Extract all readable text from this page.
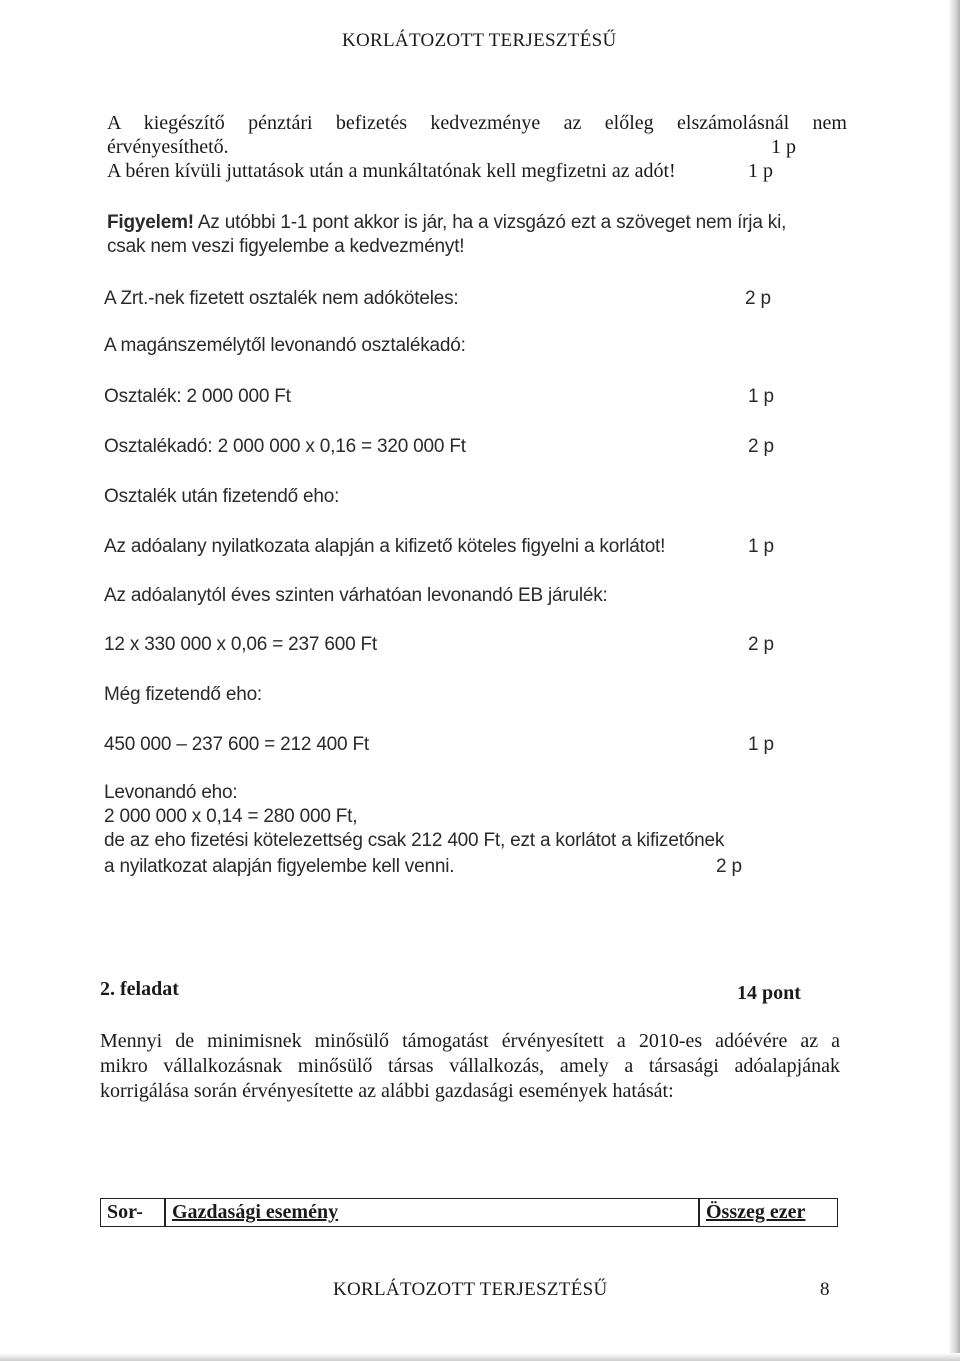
KORLÁTOZOTT TERJESZTÉSŰ
A kiegészítő pénztári befizetés kedvezménye az előleg elszámolásnál nem
érvényesíthető.	1 p
A béren kívüli juttatások után a munkáltatónak kell megfizetni az adót!	1 p
Figyelem! Az utóbbi 1-1 pont akkor is jár, ha a vizsgázó ezt a szöveget nem írja ki,
csak nem veszi figyelembe a kedvezményt!
A Zrt.-nek fizetett osztalék nem adóköteles:	2 p
A magánszemélytől levonandó osztalékadó:
Osztalék: 2 000 000 Ft	1 p
Osztalékadó: 2 000 000 x 0,16 = 320 000 Ft	2 p
Osztalék után fizetendő eho:
Az adóalany nyilatkozata alapján a kifizető köteles figyelni a korlátot!	1 p
Az adóalanytól éves szinten várhatóan levonandó EB járulék:
12 x 330 000 x 0,06 = 237 600 Ft	2 p
Még fizetendő eho:
450 000 – 237 600 = 212 400 Ft	1 p
Levonandó eho:
2 000 000 x 0,14 = 280 000 Ft,
de az eho fizetési kötelezettség csak 212 400 Ft, ezt a korlátot a kifizetőnek
a nyilatkozat alapján figyelembe kell venni.	2 p
2. feladat	14 pont
Mennyi de minimisnek minősülő támogatást érvényesített a 2010-es adóévére az a
mikro vállalkozásnak minősülő társas vállalkozás, amely a társasági adóalapjának
korrigálása során érvényesítette az alábbi gazdasági események hatását:
Sor-	Gazdasági esemény	Összeg ezer
KORLÁTOZOTT TERJESZTÉSŰ	8
